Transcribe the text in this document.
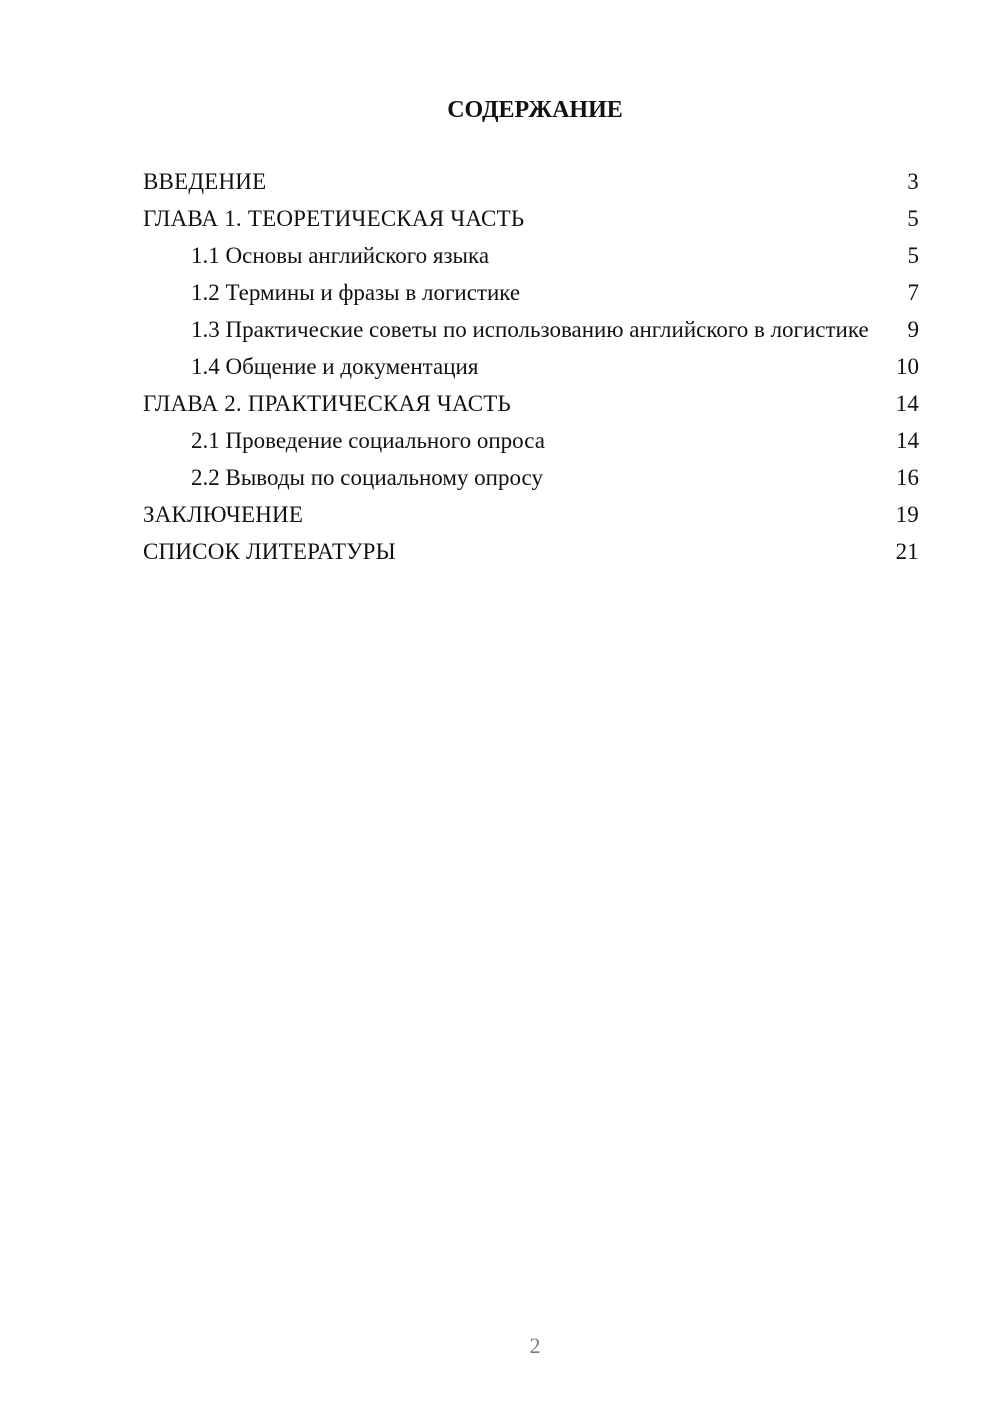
СОДЕРЖАНИЕ
ВВЕДЕНИЕ	3
ГЛАВА 1. ТЕОРЕТИЧЕСКАЯ ЧАСТЬ	5
1.1 Основы английского языка	5
1.2 Термины и фразы в логистике	7
1.3 Практические советы по использованию английского в логистике	9
1.4 Общение и документация	10
ГЛАВА 2. ПРАКТИЧЕСКАЯ ЧАСТЬ	14
2.1 Проведение социального опроса	14
2.2 Выводы по социальному опросу	16
ЗАКЛЮЧЕНИЕ	19
СПИСОК ЛИТЕРАТУРЫ	21
2
